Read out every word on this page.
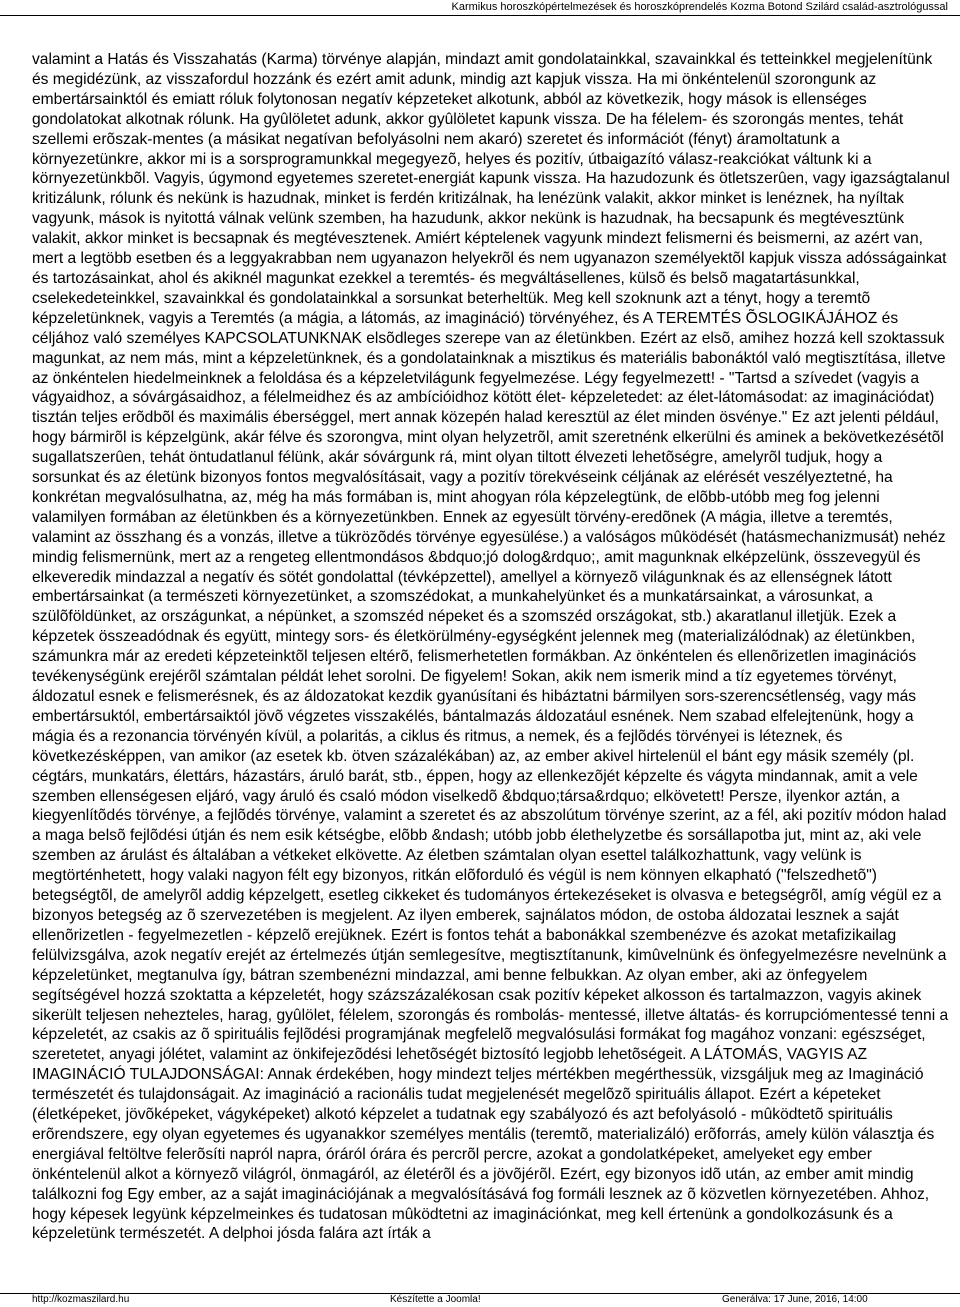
Karmikus horoszkópértelmezések és horoszkóprendelés Kozma Botond Szilárd család-asztrológussal

valamint a Hatás és Visszahatás (Karma) törvénye alapján, mindazt amit gondolatainkkal, szavainkkal és tetteinkkel megjelenítünk és megidézünk, az visszafordul hozzánk és ezért amit adunk, mindig azt kapjuk vissza. Ha mi önkéntelenül szorongunk az embertársainktól és emiatt róluk folytonosan negatív képzeteket alkotunk, abból az következik, hogy mások is ellenséges gondolatokat alkotnak rólunk. Ha gyûlöletet adunk, akkor gyûlöletet kapunk vissza. De ha félelem- és szorongás mentes, tehát szellemi erõszak-mentes (a másikat negatívan befolyásolni nem akaró) szeretet és információt (fényt) áramoltatunk a környezetünkre, akkor mi is a sorsprogramunkkal megegyezõ, helyes és pozitív, útbaigazító válasz-reakciókat váltunk ki a környezetünkbõl. Vagyis, úgymond egyetemes szeretet-energiát kapunk vissza. Ha hazudozunk és ötletszerûen, vagy igazságtalanul kritizálunk, rólunk és nekünk is hazudnak, minket is ferdén kritizálnak, ha lenézünk valakit, akkor minket is lenéznek, ha nyíltak vagyunk, mások is nyitottá válnak velünk szemben, ha hazudunk, akkor nekünk is hazudnak, ha becsapunk és megtévesztünk valakit, akkor minket is becsapnak és megtévesztenek. Amiért képtelenek vagyunk mindezt felismerni és beismerni, az azért van, mert a legtöbb esetben és a leggyakrabban nem ugyanazon helyekrõl és nem ugyanazon személyektõl kapjuk vissza adósságainkat és tartozásainkat, ahol és akiknél magunkat ezekkel a teremtés- és megváltásellenes, külsõ és belsõ magatartásunkkal, cselekedeteinkkel, szavainkkal és gondolatainkkal a sorsunkat beterheltük. Meg kell szoknunk azt a tényt, hogy a teremtõ képzeletünknek, vagyis a Teremtés (a mágia, a látomás, az imagináció) törvényéhez, és A TEREMTÉS ÕSLOGIKÁJÁHOZ és céljához való személyes KAPCSOLATUNKNAK elsõdleges szerepe van az életünkben. Ezért az elsõ, amihez hozzá kell szoktassuk magunkat, az nem más, mint a képzeletünknek, és a gondolatainknak a misztikus és materiális babonáktól való megtisztítása, illetve az önkéntelen hiedelmeinknek a feloldása és a képzeletvilágunk fegyelmezése. Légy fegyelmezett! - "Tartsd a szívedet (vagyis a vágyaidhoz, a sóvárgásaidhoz, a félelmeidhez és az ambícióidhoz kötött élet- képzeletedet: az élet-látomásodat: az imaginációdat) tisztán teljes erõdbõl és maximális éberséggel, mert annak közepén halad keresztül az élet minden ösvénye." Ez azt jelenti például, hogy bármirõl is képzelgünk, akár félve és szorongva, mint olyan helyzetrõl, amit szeretnénk elkerülni és aminek a bekövetkezésétõl sugallatszerûen, tehát öntudatlanul félünk, akár sóvárgunk rá, mint olyan tiltott élvezeti lehetõségre, amelyrõl tudjuk, hogy a sorsunkat és az életünk bizonyos fontos megvalósításait, vagy a pozitív törekvéseink céljának az elérését veszélyeztetné, ha konkrétan megvalósulhatna, az, még ha más formában is, mint ahogyan róla képzelegtünk, de elõbb-utóbb meg fog jelenni valamilyen formában az életünkben és a környezetünkben. Ennek az egyesült törvény-eredõnek (A mágia, illetve a teremtés, valamint az összhang és a vonzás, illetve a tükrözõdés törvénye egyesülése.) a valóságos mûködését (hatásmechanizmusát) nehéz mindig felismernünk, mert az a rengeteg ellentmondásos &bdquo;jó dolog&rdquo;, amit magunknak elképzelünk, összevegyül és elkeveredik mindazzal a negatív és sötét gondolattal (tévképzettel), amellyel a környezõ világunknak és az ellenségnek látott embertársainkat (a természeti környezetünket, a szomszédokat, a munkahelyünket és a munkatársainkat, a városunkat, a szülõföldünket, az országunkat, a népünket, a szomszéd népeket és a szomszéd országokat, stb.) akaratlanul illetjük. Ezek a képzetek összeadódnak és együtt, mintegy sors- és életkörülmény-egységként jelennek meg (materializálódnak) az életünkben, számunkra már az eredeti képzeteinktõl teljesen eltérõ, felismerhetetlen formákban. Az önkéntelen és ellenõrizetlen imaginációs tevékenységünk erejérõl számtalan példát lehet sorolni. De figyelem! Sokan, akik nem ismerik mind a tíz egyetemes törvényt, áldozatul esnek e felismerésnek, és az áldozatokat kezdik gyanúsítani és hibáztatni bármilyen sors-szerencsétlenség, vagy más embertársuktól, embertársaiktól jövõ végzetes visszakélés, bántalmazás áldozatául esnének. Nem szabad elfelejtenünk, hogy a mágia és a rezonancia törvényén kívül, a polaritás, a ciklus és ritmus, a nemek, és a fejlõdés törvényei is léteznek, és következésképpen, van amikor (az esetek kb. ötven százalékában) az, az ember akivel hirtelenül el bánt egy másik személy (pl. cégtárs, munkatárs, élettárs, házastárs, áruló barát, stb., éppen, hogy az ellenkezõjét képzelte és vágyta mindannak, amit a vele szemben ellenségesen eljáró, vagy áruló és csaló módon viselkedõ &bdquo;társa&rdquo; elkövetett! Persze, ilyenkor aztán, a kiegyenlítõdés törvénye, a fejlõdés törvénye, valamint a szeretet és az abszolútum törvénye szerint, az a fél, aki pozitív módon halad a maga belsõ fejlõdési útján és nem esik kétségbe, elõbb &ndash; utóbb jobb élethelyzetbe és sorsállapotba jut, mint az, aki vele szemben az árulást és általában a vétkeket elkövette. Az életben számtalan olyan esettel találkozhattunk, vagy velünk is megtörténhetett, hogy valaki nagyon félt egy bizonyos, ritkán elõforduló és végül is nem könnyen elkapható ("felszedhetõ") betegségtõl, de amelyrõl addig képzelgett, esetleg cikkeket és tudományos értekezéseket is olvasva e betegségrõl, amíg végül ez a bizonyos betegség az õ szervezetében is megjelent. Az ilyen emberek, sajnálatos módon, de ostoba áldozatai lesznek a saját ellenõrizetlen - fegyelmezetlen - képzelõ erejüknek. Ezért is fontos tehát a babonákkal szembenézve és azokat metafizikailag felülvizsgálva, azok negatív erejét az értelmezés útján semlegesítve, megtisztítanunk, kimûvelnünk és önfegyelmezésre nevelnünk a képzeletünket, megtanulva így, bátran szembenézni mindazzal, ami benne felbukkan. Az olyan ember, aki az önfegyelem segítségével hozzá szoktatta a képzeletét, hogy százszázalékosan csak pozitív képeket alkosson és tartalmazzon, vagyis akinek sikerült teljesen nehezteles, harag, gyûlölet, félelem, szorongás és rombolás- mentessé, illetve áltatás- és korrupciómentessé tenni a képzeletét, az csakis az õ spirituális fejlõdési programjának megfelelõ megvalósulási formákat fog magához vonzani: egészséget, szeretetet, anyagi jólétet, valamint az önkifejezõdési lehetõségét biztosító legjobb lehetõségeit. A LÁTOMÁS, VAGYIS AZ IMAGINÁCIÓ TULAJDONSÁGAI: Annak érdekében, hogy mindezt teljes mértékben megérthessük, vizsgáljuk meg az Imagináció természetét és tulajdonságait. Az imagináció a racionális tudat megjelenését megelõzõ spirituális állapot. Ezért a képeteket (életképeket, jövõképeket, vágyképeket) alkotó képzelet a tudatnak egy szabályozó és azt befolyásoló - mûködtetõ spirituális erõrendszere, egy olyan egyetemes és ugyanakkor személyes mentális (teremtõ, materializáló) erõforrás, amely külön választja és energiával feltöltve felerõsíti napról napra, óráról órára és percrõl percre, azokat a gondolatképeket, amelyeket egy ember önkéntelenül alkot a környezõ világról, önmagáról, az életérõl és a jövõjérõl. Ezért, egy bizonyos idõ után, az ember amit mindig találkozni fog Egy ember, az a saját imaginációjának a megvalósításává fog formáli lesznek az õ közvetlen környezetében. Ahhoz, hogy képesek legyünk képzelmeinkes és tudatosan mûködtetni az imaginációnkat, meg kell értenünk a gondolkozásunk és a képzeletünk természetét. A delphoi jósda falára azt írták a

http://kozmaszilard.hu	Készítette a Joomla!	Generálva: 17 June, 2016, 14:00
